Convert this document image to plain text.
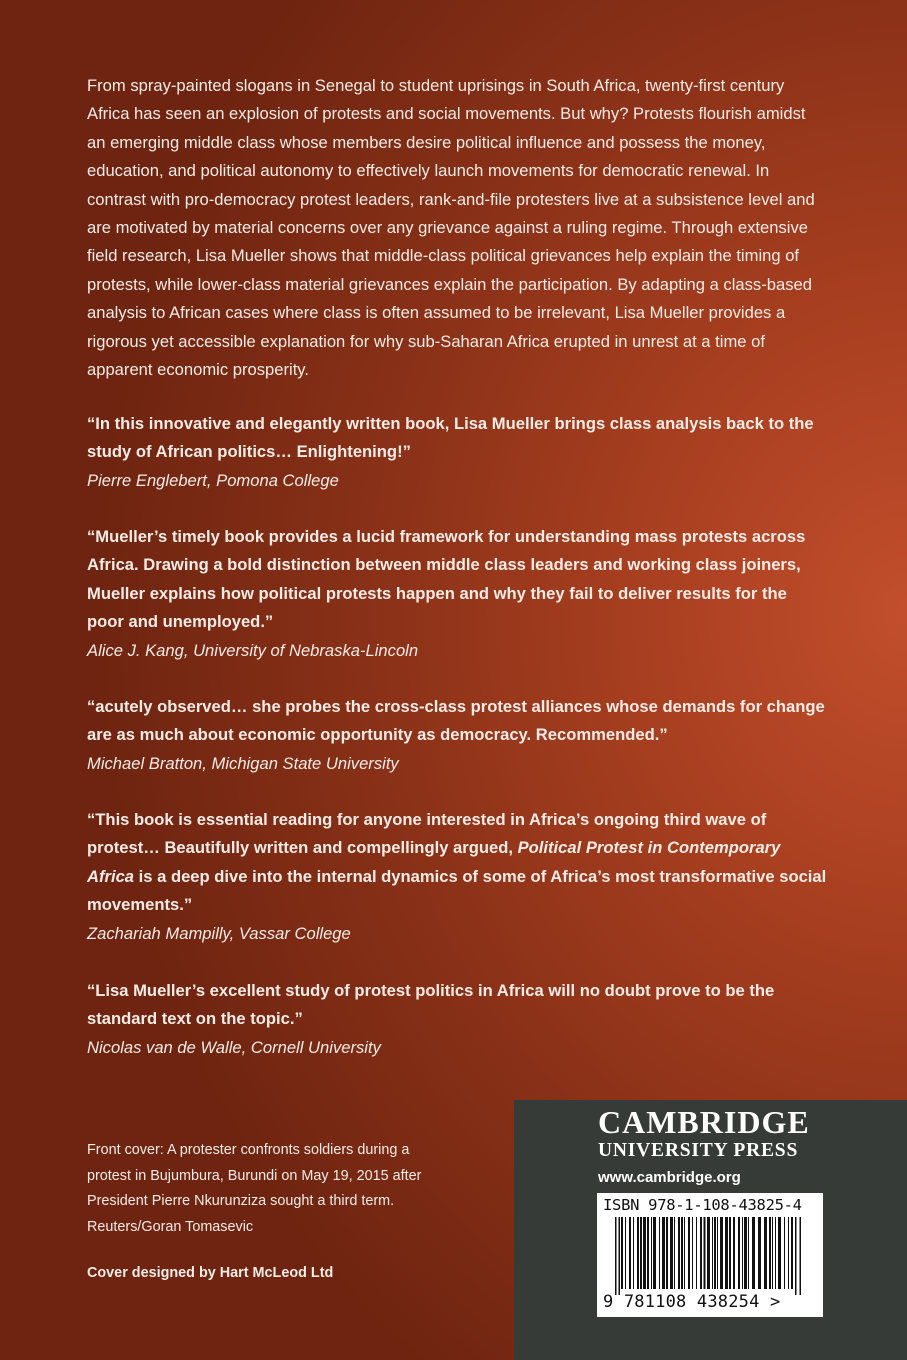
From spray-painted slogans in Senegal to student uprisings in South Africa, twenty-first century Africa has seen an explosion of protests and social movements. But why? Protests flourish amidst an emerging middle class whose members desire political influence and possess the money, education, and political autonomy to effectively launch movements for democratic renewal. In contrast with pro-democracy protest leaders, rank-and-file protesters live at a subsistence level and are motivated by material concerns over any grievance against a ruling regime. Through extensive field research, Lisa Mueller shows that middle-class political grievances help explain the timing of protests, while lower-class material grievances explain the participation. By adapting a class-based analysis to African cases where class is often assumed to be irrelevant, Lisa Mueller provides a rigorous yet accessible explanation for why sub-Saharan Africa erupted in unrest at a time of apparent economic prosperity.

“In this innovative and elegantly written book, Lisa Mueller brings class analysis back to the study of African politics… Enlightening!”

Pierre Englebert, Pomona College

“Mueller’s timely book provides a lucid framework for understanding mass protests across Africa. Drawing a bold distinction between middle class leaders and working class joiners, Mueller explains how political protests happen and why they fail to deliver results for the poor and unemployed.”

Alice J. Kang, University of Nebraska-Lincoln

“acutely observed… she probes the cross-class protest alliances whose demands for change are as much about economic opportunity as democracy. Recommended.”

Michael Bratton, Michigan State University

“This book is essential reading for anyone interested in Africa’s ongoing third wave of protest… Beautifully written and compellingly argued, Political Protest in Contemporary Africa is a deep dive into the internal dynamics of some of Africa’s most transformative social movements.”

Zachariah Mampilly, Vassar College

“Lisa Mueller’s excellent study of protest politics in Africa will no doubt prove to be the standard text on the topic.”

Nicolas van de Walle, Cornell University

Front cover: A protester confronts soldiers during a protest in Bujumbura, Burundi on May 19, 2015 after President Pierre Nkurunziza sought a third term. Reuters/Goran Tomasevic

Cover designed by Hart McLeod Ltd

CAMBRIDGE

UNIVERSITY PRESS

www.cambridge.org

ISBN 978-1-108-43825-4

9 781108 438254 >
